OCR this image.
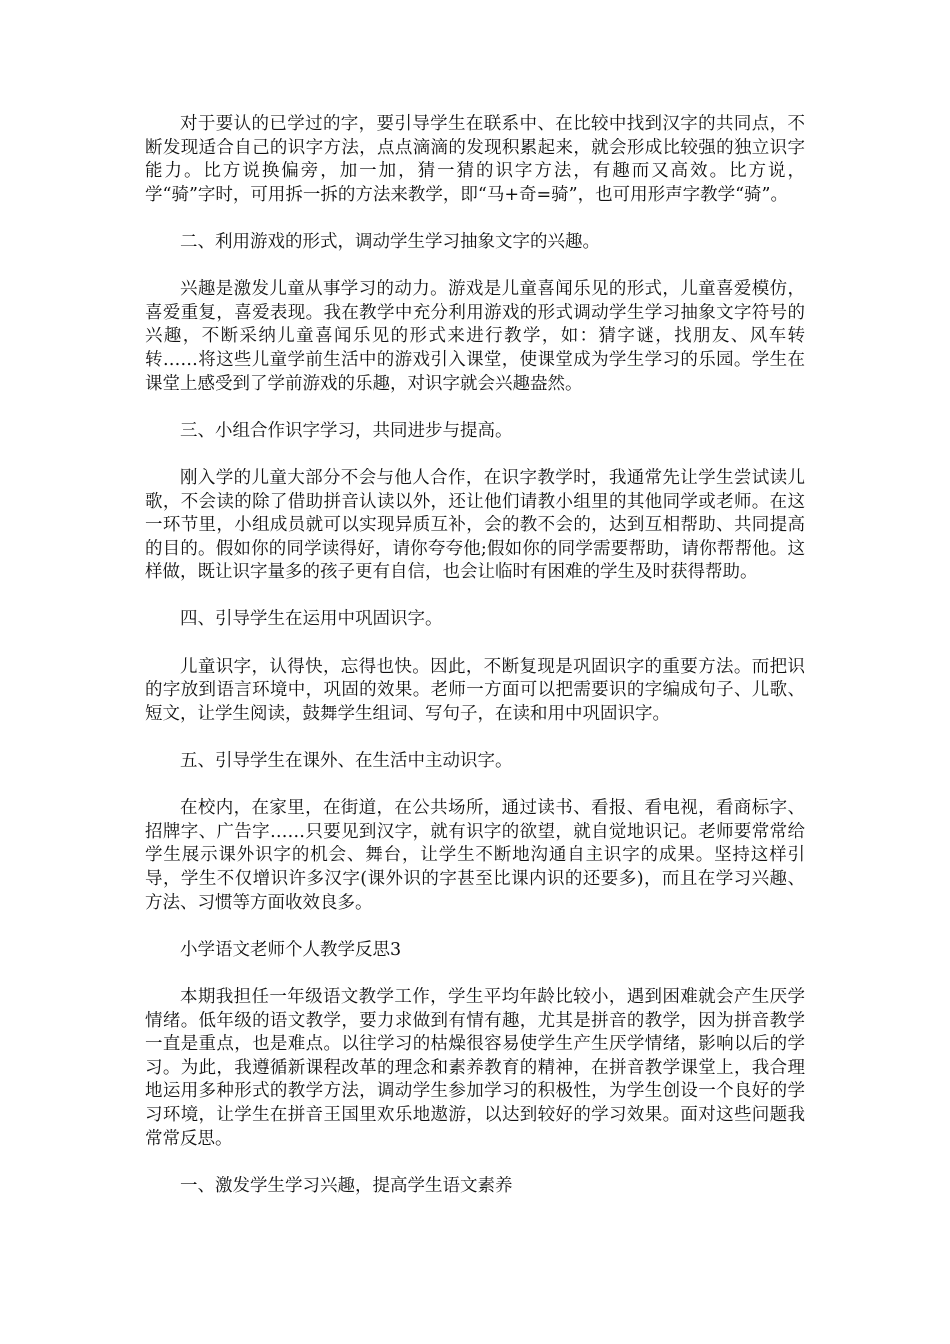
对于要认的已学过的字，要引导学生在联系中、在比较中找到汉字的共同点，不断发现适合自己的识字方法，点点滴滴的发现积累起来，就会形成比较强的独立识字能力。比方说换偏旁，加一加，猜一猜的识字方法，有趣而又高效。比方说，学“骑”字时，可用拆一拆的方法来教学，即“马+奇=骑”，也可用形声字教学“骑”。

二、利用游戏的形式，调动学生学习抽象文字的兴趣。

兴趣是激发儿童从事学习的动力。游戏是儿童喜闻乐见的形式，儿童喜爱模仿，喜爱重复，喜爱表现。我在教学中充分利用游戏的形式调动学生学习抽象文字符号的兴趣，不断采纳儿童喜闻乐见的形式来进行教学，如：猜字谜，找朋友、风车转转……将这些儿童学前生活中的游戏引入课堂，使课堂成为学生学习的乐园。学生在课堂上感受到了学前游戏的乐趣，对识字就会兴趣盎然。

三、小组合作识字学习，共同进步与提高。

刚入学的儿童大部分不会与他人合作，在识字教学时，我通常先让学生尝试读儿歌，不会读的除了借助拼音认读以外，还让他们请教小组里的其他同学或老师。在这一环节里，小组成员就可以实现异质互补，会的教不会的，达到互相帮助、共同提高的目的。假如你的同学读得好，请你夸夸他;假如你的同学需要帮助，请你帮帮他。这样做，既让识字量多的孩子更有自信，也会让临时有困难的学生及时获得帮助。

四、引导学生在运用中巩固识字。

儿童识字，认得快，忘得也快。因此，不断复现是巩固识字的重要方法。而把识的字放到语言环境中，巩固的效果。老师一方面可以把需要识的字编成句子、儿歌、短文，让学生阅读，鼓舞学生组词、写句子，在读和用中巩固识字。

五、引导学生在课外、在生活中主动识字。

在校内，在家里，在街道，在公共场所，通过读书、看报、看电视，看商标字、招牌字、广告字……只要见到汉字，就有识字的欲望，就自觉地识记。老师要常常给学生展示课外识字的机会、舞台，让学生不断地沟通自主识字的成果。坚持这样引导，学生不仅增识许多汉字(课外识的字甚至比课内识的还要多)，而且在学习兴趣、方法、习惯等方面收效良多。

小学语文老师个人教学反思3

本期我担任一年级语文教学工作，学生平均年龄比较小，遇到困难就会产生厌学情绪。低年级的语文教学，要力求做到有情有趣，尤其是拼音的教学，因为拼音教学一直是重点，也是难点。以往学习的枯燥很容易使学生产生厌学情绪，影响以后的学习。为此，我遵循新课程改革的理念和素养教育的精神，在拼音教学课堂上，我合理地运用多种形式的教学方法，调动学生参加学习的积极性，为学生创设一个良好的学习环境，让学生在拼音王国里欢乐地遨游，以达到较好的学习效果。面对这些问题我常常反思。

一、激发学生学习兴趣，提高学生语文素养
